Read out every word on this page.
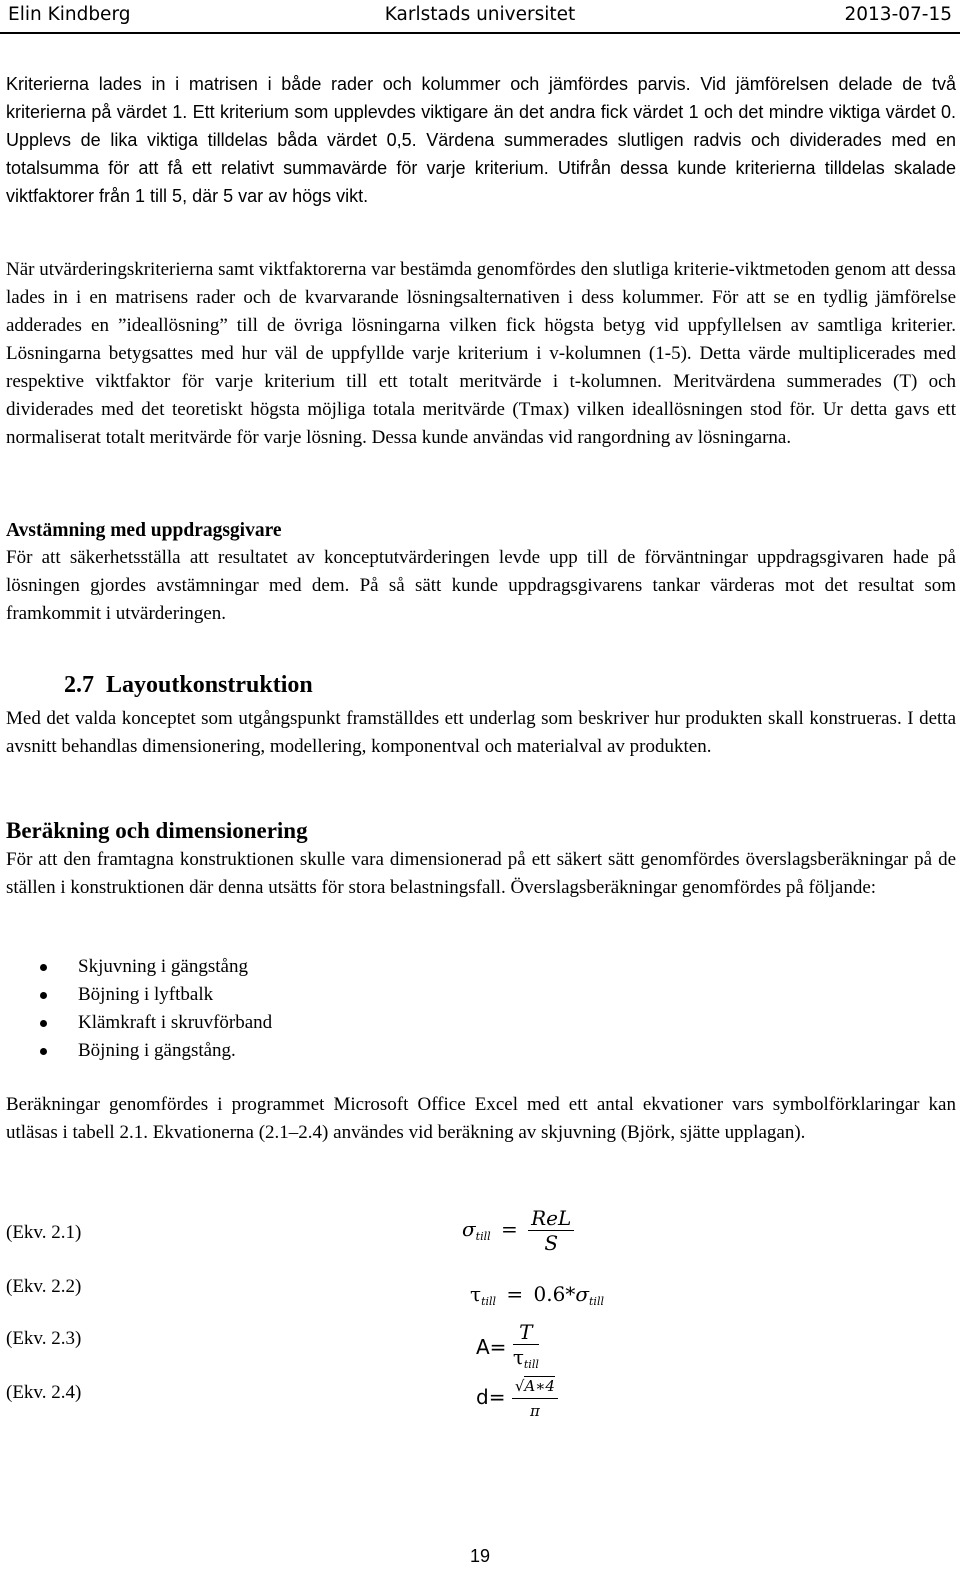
Elin Kindberg	Karlstads universitet	2013-07-15

Kriterierna lades in i matrisen i både rader och kolummer och jämfördes parvis. Vid jämförelsen delade de två kriterierna på värdet 1. Ett kriterium som upplevdes viktigare än det andra fick värdet 1 och det mindre viktiga värdet 0. Upplevs de lika viktiga tilldelas båda värdet 0,5. Värdena summerades slutligen radvis och dividerades med en totalsumma för att få ett relativt summavärde för varje kriterium. Utifrån dessa kunde kriterierna tilldelas skalade viktfaktorer från 1 till 5, där 5 var av högs vikt.

När utvärderingskriterierna samt viktfaktorerna var bestämda genomfördes den slutliga kriterie-viktmetoden genom att dessa lades in i en matrisens rader och de kvarvarande lösningsalternativen i dess kolummer. För att se en tydlig jämförelse adderades en ”ideallösning” till de övriga lösningarna vilken fick högsta betyg vid uppfyllelsen av samtliga kriterier. Lösningarna betygsattes med hur väl de uppfyllde varje kriterium i v-kolumnen (1-5). Detta värde multiplicerades med respektive viktfaktor för varje kriterium till ett totalt meritvärde i t-kolumnen. Meritvärdena summerades (T) och dividerades med det teoretiskt högsta möjliga totala meritvärde (Tmax) vilken ideallösningen stod för. Ur detta gavs ett normaliserat totalt meritvärde för varje lösning. Dessa kunde användas vid rangordning av lösningarna.

Avstämning med uppdragsgivare

För att säkerhetsställa att resultatet av konceptutvärderingen levde upp till de förväntningar uppdragsgivaren hade på lösningen gjordes avstämningar med dem. På så sätt kunde uppdragsgivarens tankar värderas mot det resultat som framkommit i utvärderingen.

2.7 Layoutkonstruktion

Med det valda konceptet som utgångspunkt framställdes ett underlag som beskriver hur produkten skall konstrueras. I detta avsnitt behandlas dimensionering, modellering, komponentval och materialval av produkten.

Beräkning och dimensionering

För att den framtagna konstruktionen skulle vara dimensionerad på ett säkert sätt genomfördes överslagsberäkningar på de ställen i konstruktionen där denna utsätts för stora belastningsfall. Överslagsberäkningar genomfördes på följande:

Skjuvning i gängstång
Böjning i lyftbalk
Klämkraft i skruvförband
Böjning i gängstång.

Beräkningar genomfördes i programmet Microsoft Office Excel med ett antal ekvationer vars symbolförklaringar kan utläsas i tabell 2.1. Ekvationerna (2.1–2.4) användes vid beräkning av skjuvning (Björk, sjätte upplagan).

(Ekv. 2.1)
(Ekv. 2.2)
(Ekv. 2.3)
(Ekv. 2.4)
$\sigma_{till} = \frac{\text{ReL}}{S}$
$\tau_{till} = 0.6*\sigma_{till}$
$A= \frac{T}{\tau_{till}}$
$d= \frac{√A∗4}{\pi}$
19
